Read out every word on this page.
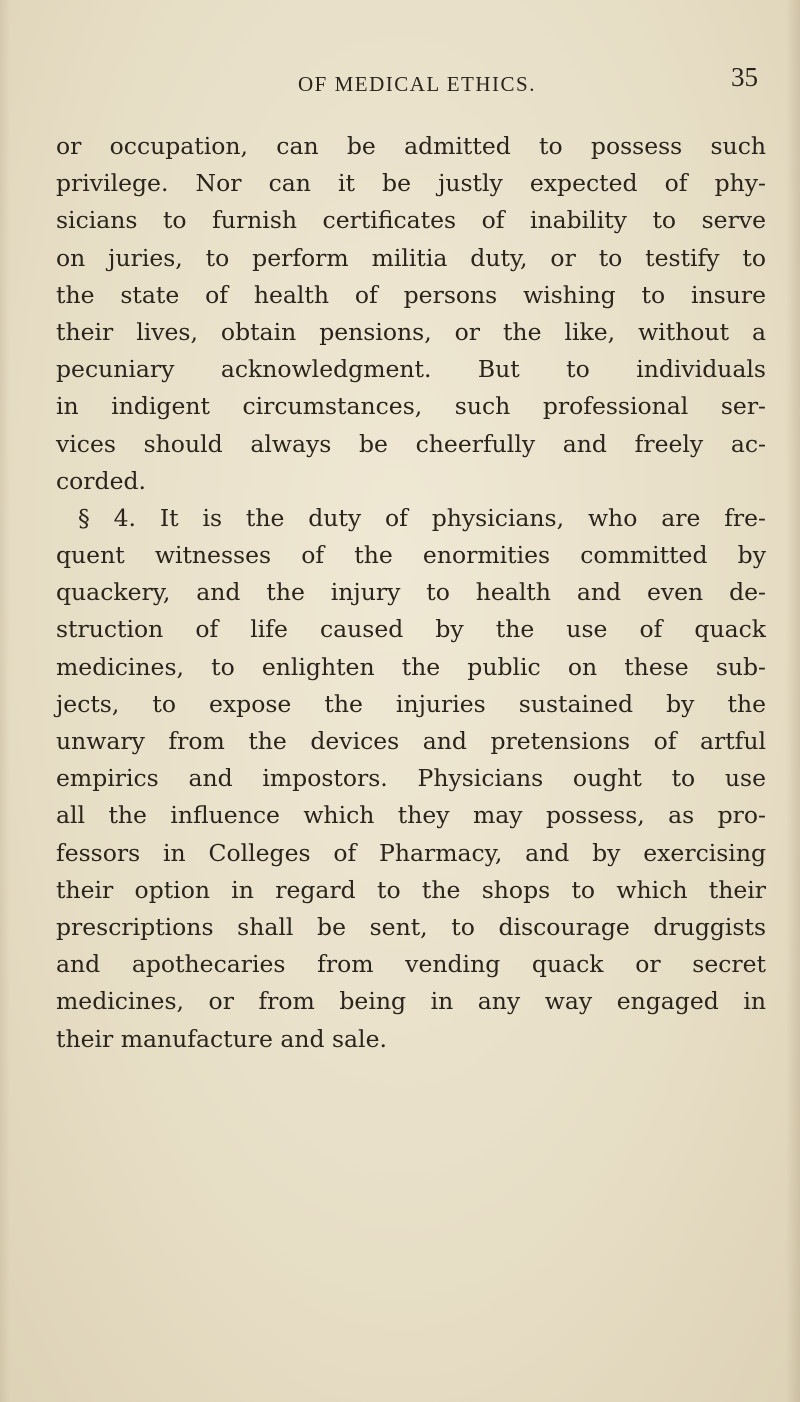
OF MEDICAL ETHICS.	35
or occupation, can be admitted to possess such
privilege. Nor can it be justly expected of phy-
sicians to furnish certificates of inability to serve
on juries, to perform militia duty, or to testify to
the state of health of persons wishing to insure
their lives, obtain pensions, or the like, without a
pecuniary acknowledgment. But to individuals
in indigent circumstances, such professional ser-
vices should always be cheerfully and freely ac-
corded.
§ 4. It is the duty of physicians, who are fre-
quent witnesses of the enormities committed by
quackery, and the injury to health and even de-
struction of life caused by the use of quack
medicines, to enlighten the public on these sub-
jects, to expose the injuries sustained by the
unwary from the devices and pretensions of artful
empirics and impostors. Physicians ought to use
all the influence which they may possess, as pro-
fessors in Colleges of Pharmacy, and by exercising
their option in regard to the shops to which their
prescriptions shall be sent, to discourage druggists
and apothecaries from vending quack or secret
medicines, or from being in any way engaged in
their manufacture and sale.
